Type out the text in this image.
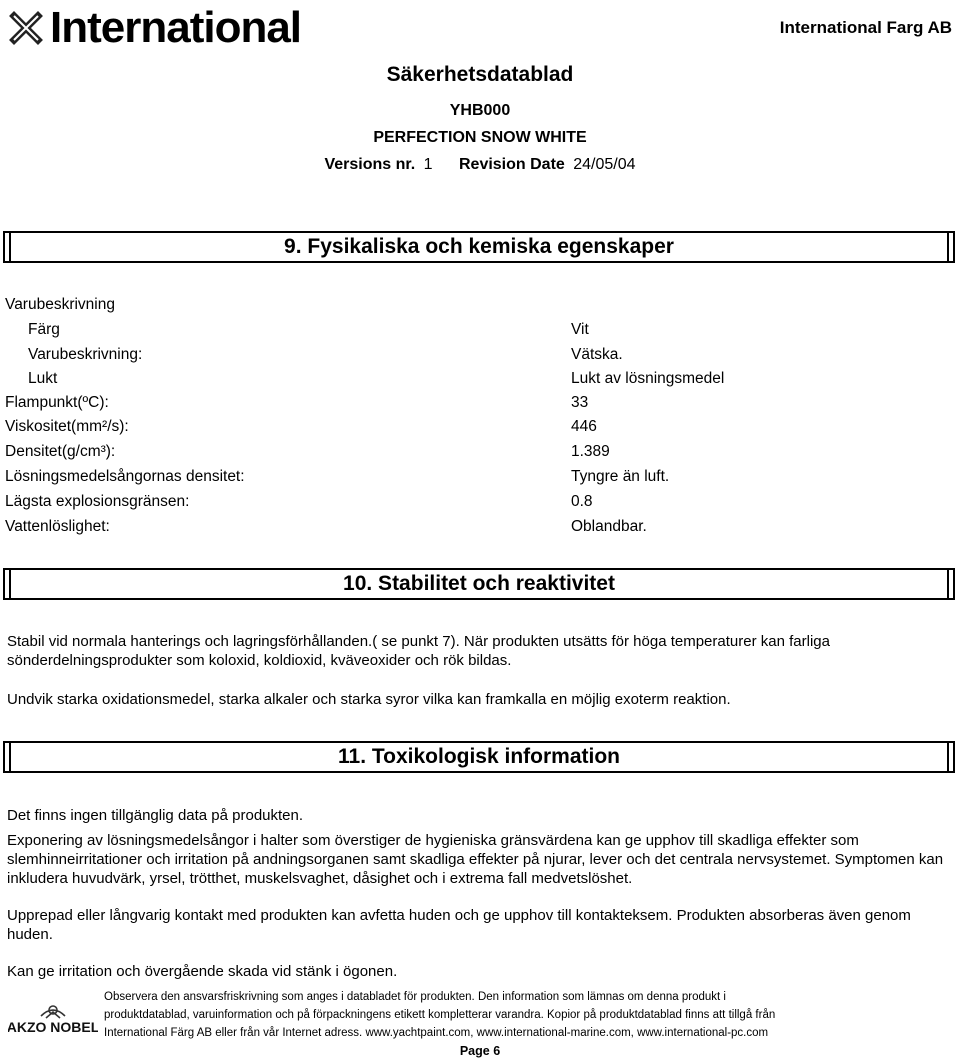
International	International Farg AB
Säkerhetsdatablad
YHB000
PERFECTION SNOW WHITE
Versions nr. 1 Revision Date 24/05/04
9. Fysikaliska och kemiska egenskaper
Varubeskrivning
Färg	Vit
Varubeskrivning:	Vätska.
Lukt	Lukt av lösningsmedel
Flampunkt(ºC):	33
Viskositet(mm²/s):	446
Densitet(g/cm³):	1.389
Lösningsmedelsångornas densitet:	Tyngre än luft.
Lägsta explosionsgränsen:	0.8
Vattenlöslighet:	Oblandbar.
10. Stabilitet och reaktivitet
Stabil vid normala hanterings och lagringsförhållanden.( se punkt 7). När produkten utsätts för höga temperaturer kan farliga sönderdelningsprodukter som koloxid, koldioxid, kväveoxider och rök bildas.
Undvik starka oxidationsmedel, starka alkaler och starka syror vilka kan framkalla en möjlig exoterm reaktion.
11. Toxikologisk information
Det finns ingen tillgänglig data på produkten.
Exponering av lösningsmedelsångor i halter som överstiger de hygieniska gränsvärdena kan ge upphov till skadliga effekter som slemhinneirritationer och irritation på andningsorganen samt skadliga effekter på njurar, lever och det centrala nervsystemet. Symptomen kan inkludera huvudvärk, yrsel, trötthet, muskelsvaghet, dåsighet och i extrema fall medvetslöshet.
Upprepad eller långvarig kontakt med produkten kan avfetta huden och ge upphov till kontakteksem. Produkten absorberas även genom huden.
Kan ge irritation och övergående skada vid stänk i ögonen.
AKZO NOBEL
Observera den ansvarsfriskrivning som anges i databladet för produkten. Den information som lämnas om denna produkt i
produktdatablad, varuinformation och på förpackningens etikett kompletterar varandra. Kopior på produktdatablad finns att tillgå från
International Färg AB eller från vår Internet adress. www.yachtpaint.com, www.international-marine.com, www.international-pc.com
Page 6
